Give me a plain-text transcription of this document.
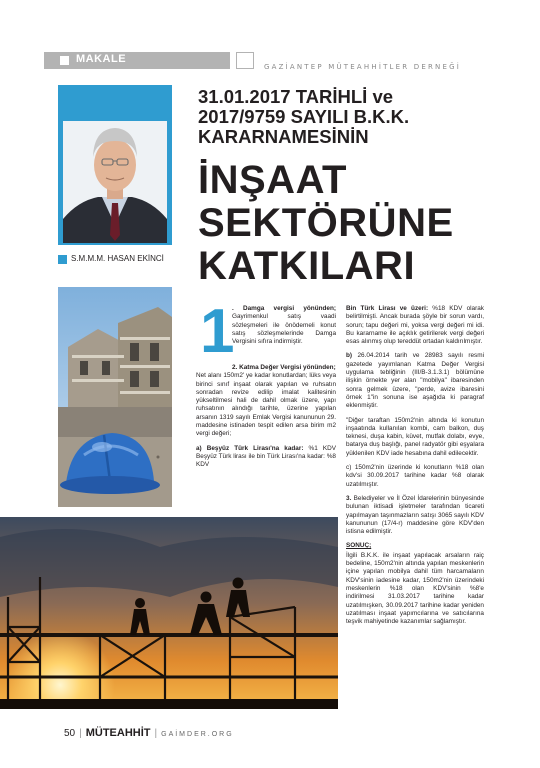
MAKALE
GAZİANTEP MÜTEAHHİTLER DERNEĞİ
S.M.M.M. HASAN EKİNCİ
31.01.2017 TARİHLİ ve
2017/9759 SAYILI B.K.K.
KARARNAMESİNİN
İNŞAAT
SEKTÖRÜNE
KATKILARI
1

. Damga vergisi yönünden; Gayrimenkul satış vaadi sözleşmeleri ile önödemeli konut satış sözleşmelerinde Damga Vergisini sıfıra indirmiştir.

2. Katma Değer Vergisi yönünden;
Net alanı 150m2' ye kadar konutlardan; lüks veya birinci sınıf inşaat olarak yapılan ve ruhsatın sonradan revize edilip imalat kalitesinin yükseltilmesi hali de dahil olmak üzere, yapı ruhsatının alındığı tarihte, üzerine yapılan arsanın 1319 sayılı Emlak Vergisi kanununun 29. maddesine istinaden tespit edilen arsa birim m2 vergi değeri;

a) Beşyüz Türk Lirası'na kadar: %1 KDV Beşyüz Türk lirası ile bin Türk Lirası'na kadar: %8 KDV

Bin Türk Lirası ve üzeri: %18 KDV olarak belirtilmişti. Ancak burada şöyle bir sorun vardı, sorun; tapu değeri mi, yoksa vergi değeri mi idi. Bu kararname ile açıklık getirilerek vergi değeri esas alınmış olup tereddüt ortadan kaldırılmıştır.

b) 26.04.2014 tarih ve 28983 sayılı resmi gazetede yayımlanan Katma Değer Vergisi uygulama tebliğinin (III/B-3.1.3.1) bölümüne ilişkin örnekte yer alan "mobilya" ibaresinden sonra gelmek üzere, "perde, avize ibaresini örnek 1"in sonuna ise aşağıda ki paragraf eklenmiştir.

"Diğer taraftan 150m2'nin altında ki konutun inşaatında kullanılan kombi, cam balkon, duş teknesi, duşa kabin, küvet, mutfak dolabı, evye, batarya duş başlığı, panel radyatör gibi eşyalara yüklenilen KDV iade hesabına dahil edilecektir.

c) 150m2'nin üzerinde ki konutların %18 olan kdv'si 30.09.2017 tarihine kadar %8 olarak uzatılmıştır.

3. Belediyeler ve İl Özel İdarelerinin bünyesinde bulunan iktisadi işletmeler tarafından ticareti yapılmayan taşınmazların satışı 3065 sayılı KDV kanununun (17/4-r) maddesine göre KDV'den istisna edilmiştir.

SONUÇ;

İlgili B.K.K. ile inşaat yapılacak arsaların raiç bedeline, 150m2'nin altında yapılan meskenlerin içine yapılan mobilya dahil tüm harcamaların KDV'sinin iadesine kadar, 150m2'nin üzerindeki meskenlerin %18 olan KDV'sinin %8'e indirilmesi 31.03.2017 tarihine kadar uzatılmışken, 30.09.2017 tarihine kadar yeniden uzatılması inşaat yapımcılarına ve satıcılarına teşvik mahiyetinde kazanımlar sağlamıştır.

50 | MÜTEAHHİT | GAİMDER.ORG
